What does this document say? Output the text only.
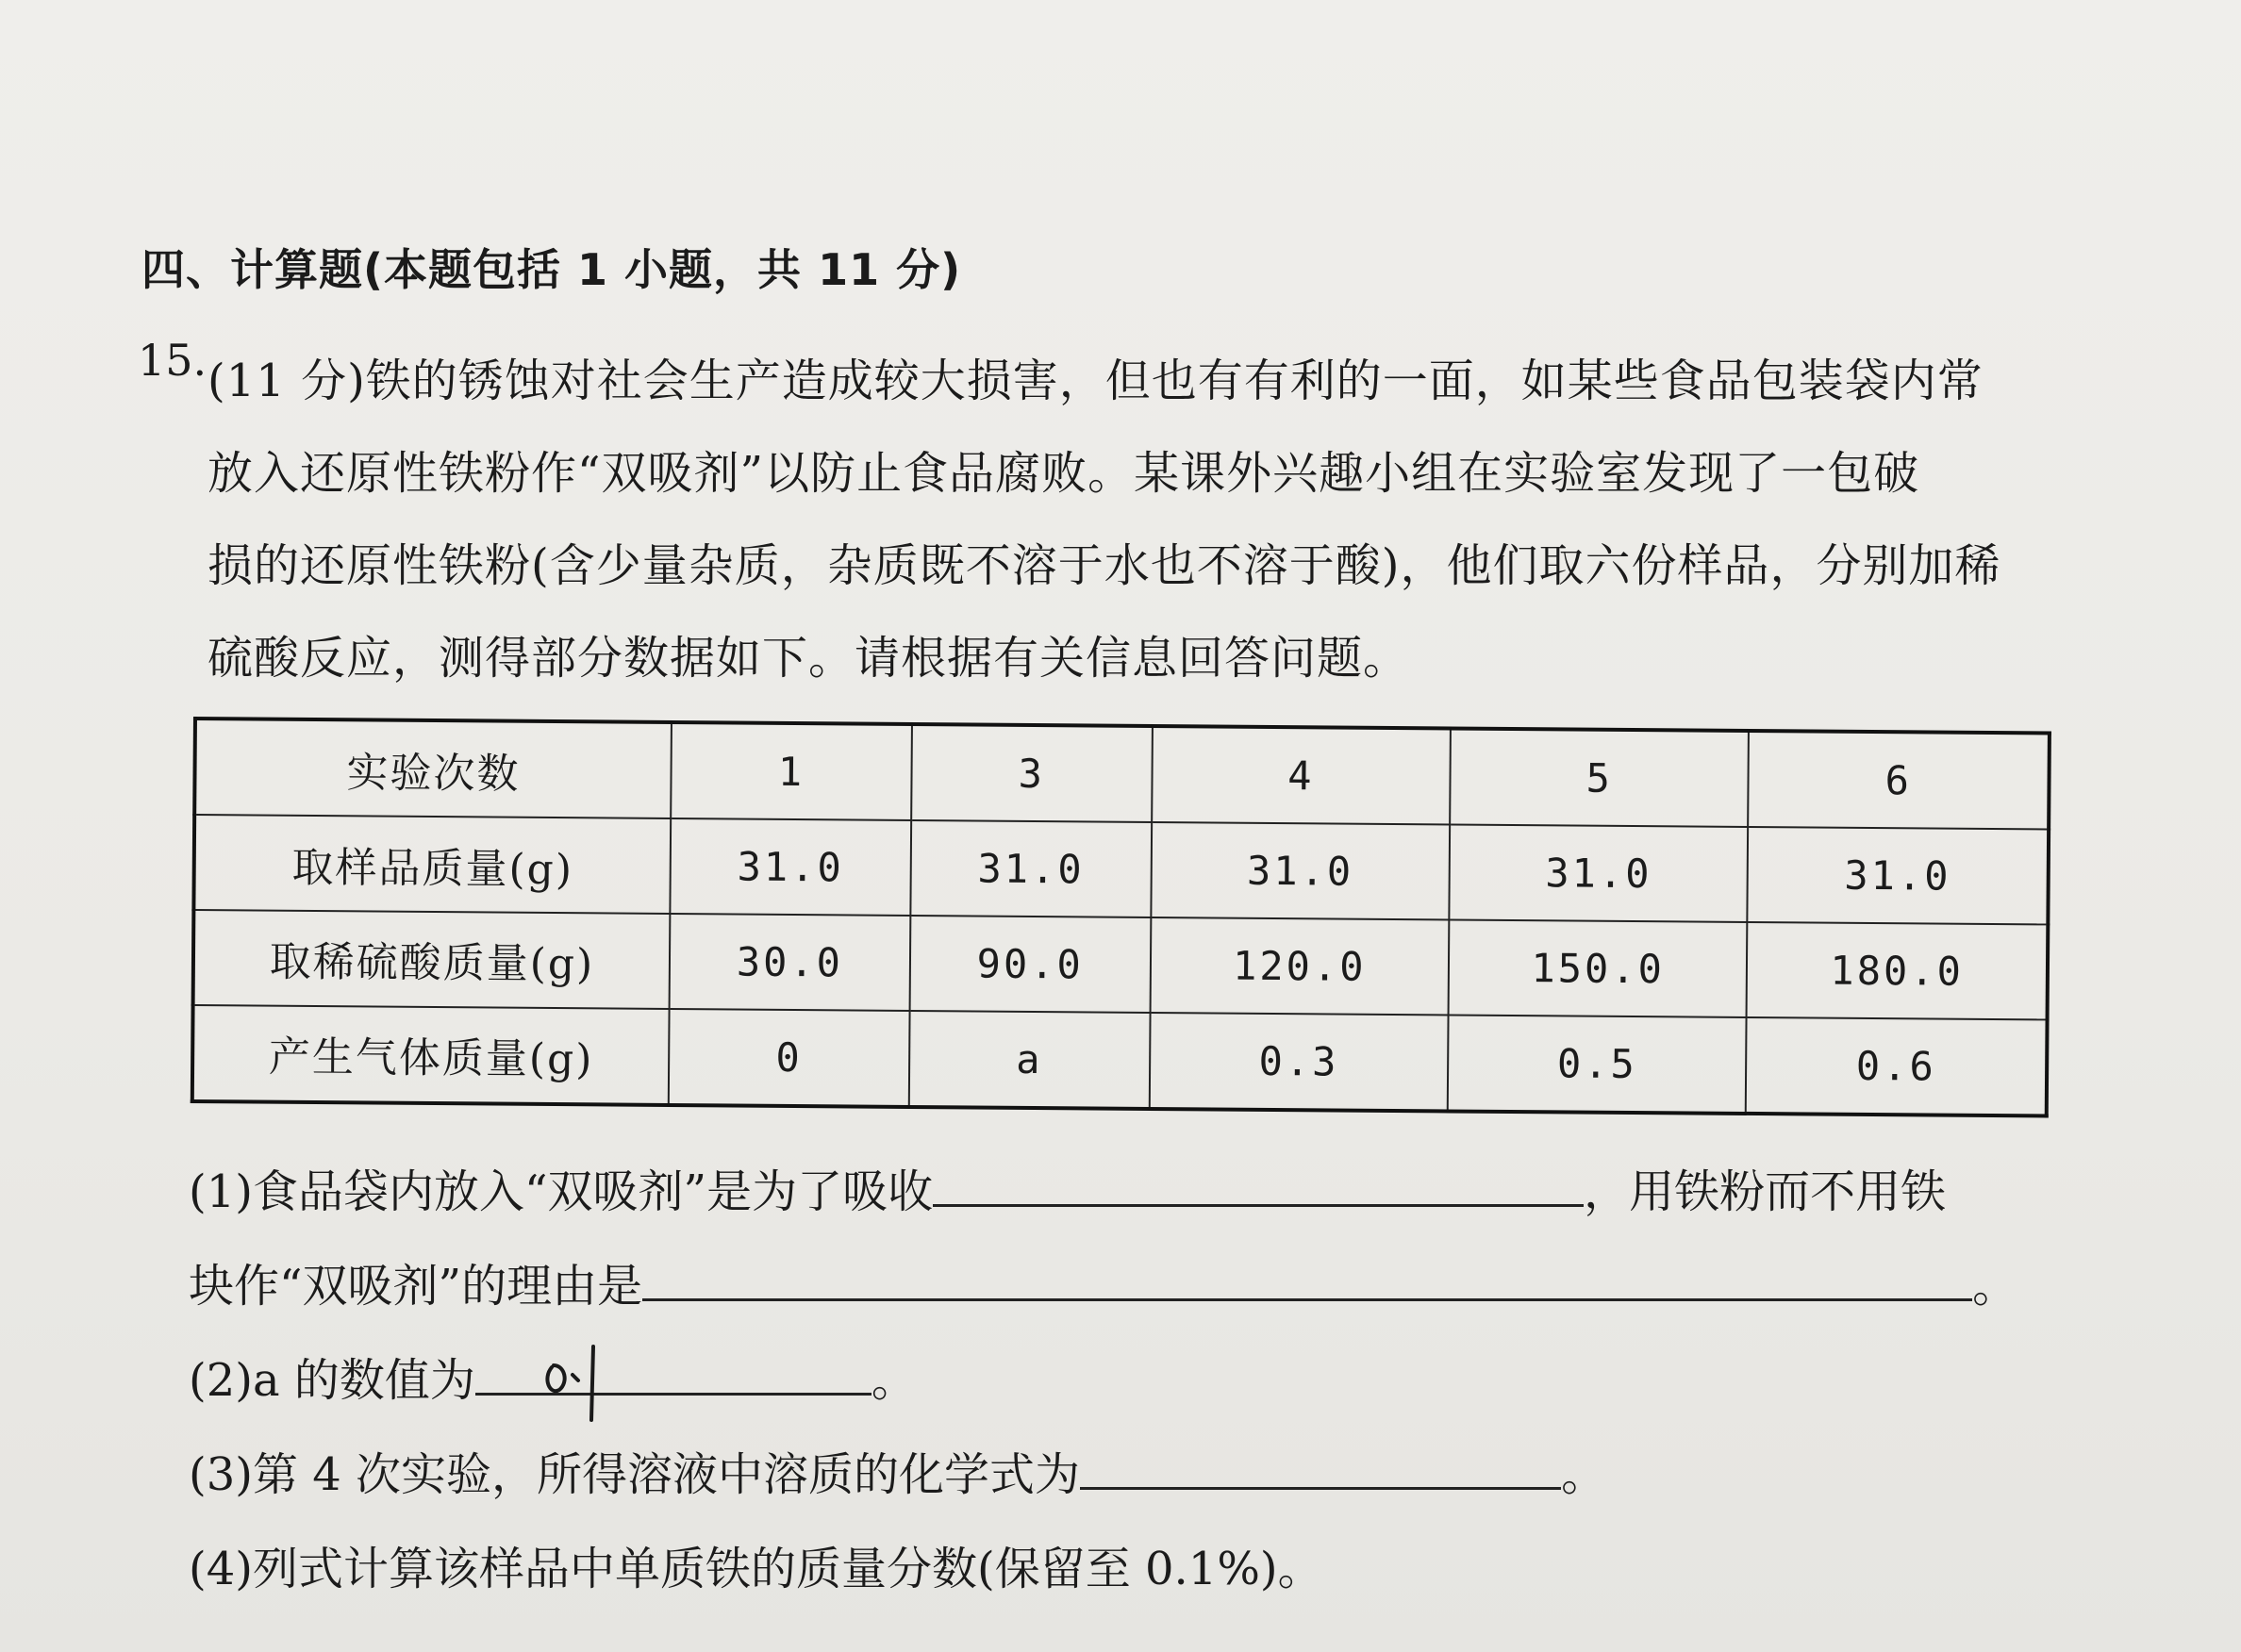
四、计算题(本题包括 1 小题，共 11 分)
15. (11 分)铁的锈蚀对社会生产造成较大损害，但也有有利的一面，如某些食品包装袋内常
放入还原性铁粉作“双吸剂”以防止食品腐败。某课外兴趣小组在实验室发现了一包破
损的还原性铁粉(含少量杂质，杂质既不溶于水也不溶于酸)，他们取六份样品，分别加稀
硫酸反应，测得部分数据如下。请根据有关信息回答问题。
实验次数	1	3	4	5	6
取样品质量(g)	31.0	31.0	31.0	31.0	31.0
取稀硫酸质量(g)	30.0	90.0	120.0	150.0	180.0
产生气体质量(g)	0	a	0.3	0.5	0.6
(1)食品袋内放入“双吸剂”是为了吸收	，用铁粉而不用铁
块作“双吸剂”的理由是	。
(2)a 的数值为	。
(3)第 4 次实验，所得溶液中溶质的化学式为	。
(4)列式计算该样品中单质铁的质量分数(保留至 0.1%)。
